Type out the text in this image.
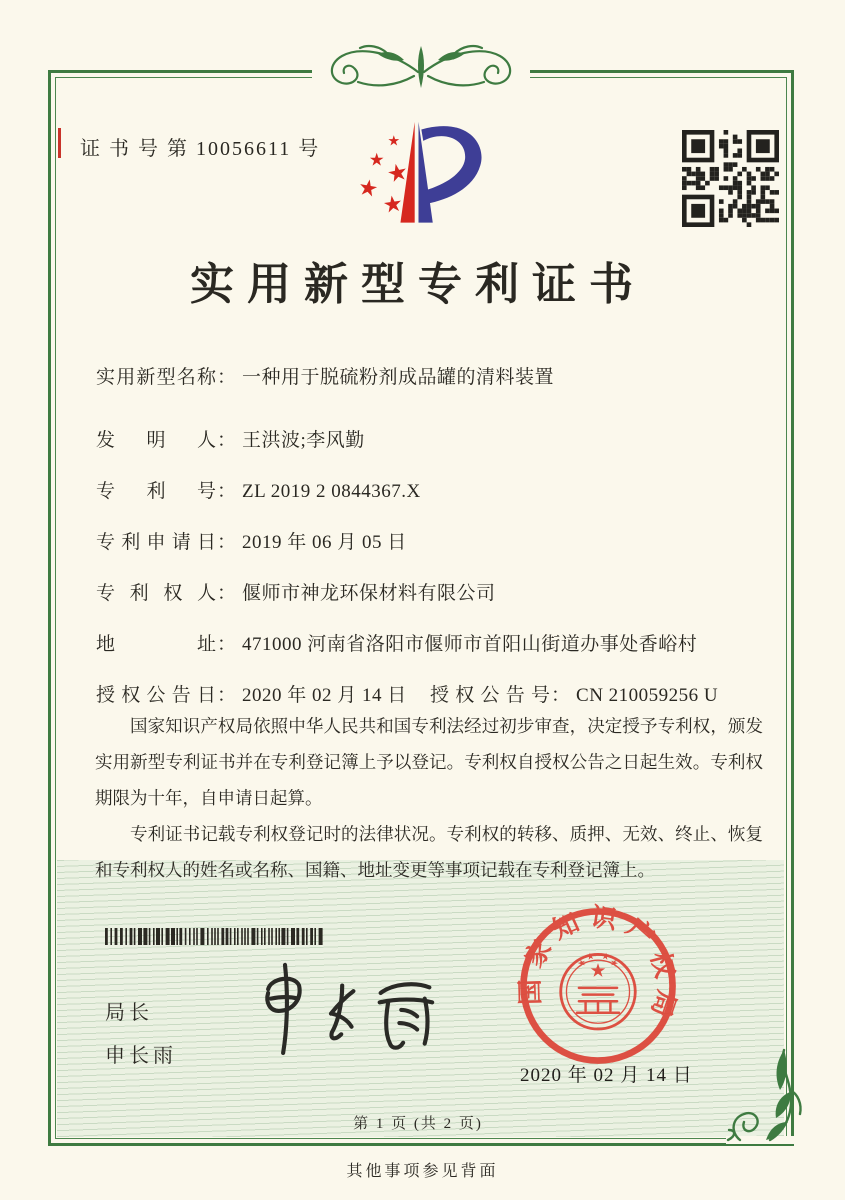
证 书 号 第 10056611 号
实用新型专利证书
实用新型名称 ： 一种用于脱硫粉剂成品罐的清料装置
发明人 ： 王洪波;李风勤
专利号 ： ZL 2019 2 0844367.X
专利申请日 ： 2019 年 06 月 05 日
专利权人 ： 偃师市神龙环保材料有限公司
地址 ： 471000 河南省洛阳市偃师市首阳山街道办事处香峪村
授权公告日 ： 2020 年 02 月 14 日 授权公告号 ： CN 210059256 U

国家知识产权局依照中华人民共和国专利法经过初步审查，决定授予专利权，颁发实用新型专利证书并在专利登记簿上予以登记。专利权自授权公告之日起生效。专利权期限为十年，自申请日起算。

专利证书记载专利权登记时的法律状况。专利权的转移、质押、无效、终止、恢复和专利权人的姓名或名称、国籍、地址变更等事项记载在专利登记簿上。

局长
申长雨
国家知识产权局
2020 年 02 月 14 日
第 1 页 (共 2 页)
其他事项参见背面
